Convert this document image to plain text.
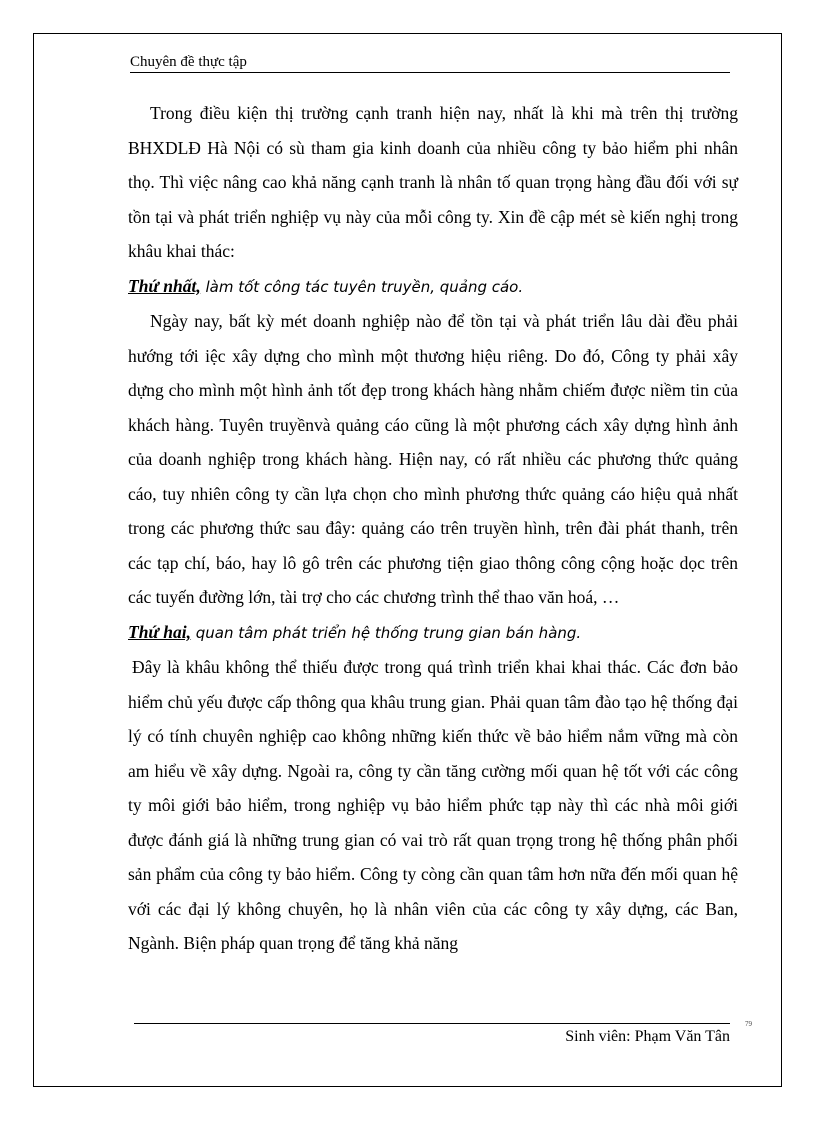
Chuyên đề thực tập

Trong điều kiện thị trường cạnh tranh hiện nay, nhất là khi mà trên thị trường BHXDLĐ Hà Nội có sù tham gia kinh doanh của nhiều công ty bảo hiểm phi nhân thọ. Thì việc nâng cao khả năng cạnh tranh là nhân tố quan trọng hàng đầu đối với sự tồn tại và phát triển nghiệp vụ này của mỗi công ty. Xin đề cập mét sè kiến nghị trong khâu khai thác:

Thứ nhất, làm tốt công tác tuyên truyền, quảng cáo.

Ngày nay, bất kỳ mét doanh nghiệp nào để tồn tại và phát triển lâu dài đều phải hướng tới iệc xây dựng cho mình một thương hiệu riêng. Do đó, Công ty phải xây dựng cho mình một hình ảnh tốt đẹp trong khách hàng nhằm chiếm được niềm tin của khách hàng. Tuyên truyềnvà quảng cáo cũng là một phương cách xây dựng hình ảnh của doanh nghiệp trong khách hàng. Hiện nay, có rất nhiều các phương thức quảng cáo, tuy nhiên công ty cần lựa chọn cho mình phương thức quảng cáo hiệu quả nhất trong các phương thức sau đây: quảng cáo trên truyền hình, trên đài phát thanh, trên các tạp chí, báo, hay lô gô trên các phương tiện giao thông công cộng hoặc dọc trên các tuyến đường lớn, tài trợ cho các chương trình thể thao văn hoá, …

Thứ hai, quan tâm phát triển hệ thống trung gian bán hàng.

Đây là khâu không thể thiếu được trong quá trình triển khai khai thác. Các đơn bảo hiểm chủ yếu được cấp thông qua khâu trung gian. Phải quan tâm đào tạo hệ thống đại lý có tính chuyên nghiệp cao không những kiến thức về bảo hiểm nắm vững mà còn am hiểu về xây dựng. Ngoài ra, công ty cần tăng cường mối quan hệ tốt với các công ty môi giới bảo hiểm, trong nghiệp vụ bảo hiểm phức tạp này thì các nhà môi giới được đánh giá là những trung gian có vai trò rất quan trọng trong hệ thống phân phối sản phẩm của công ty bảo hiểm. Công ty còng cần quan tâm hơn nữa đến mối quan hệ với các đại lý không chuyên, họ là nhân viên của các công ty xây dựng, các Ban, Ngành. Biện pháp quan trọng để tăng khả năng

79
Sinh viên: Phạm Văn Tân
